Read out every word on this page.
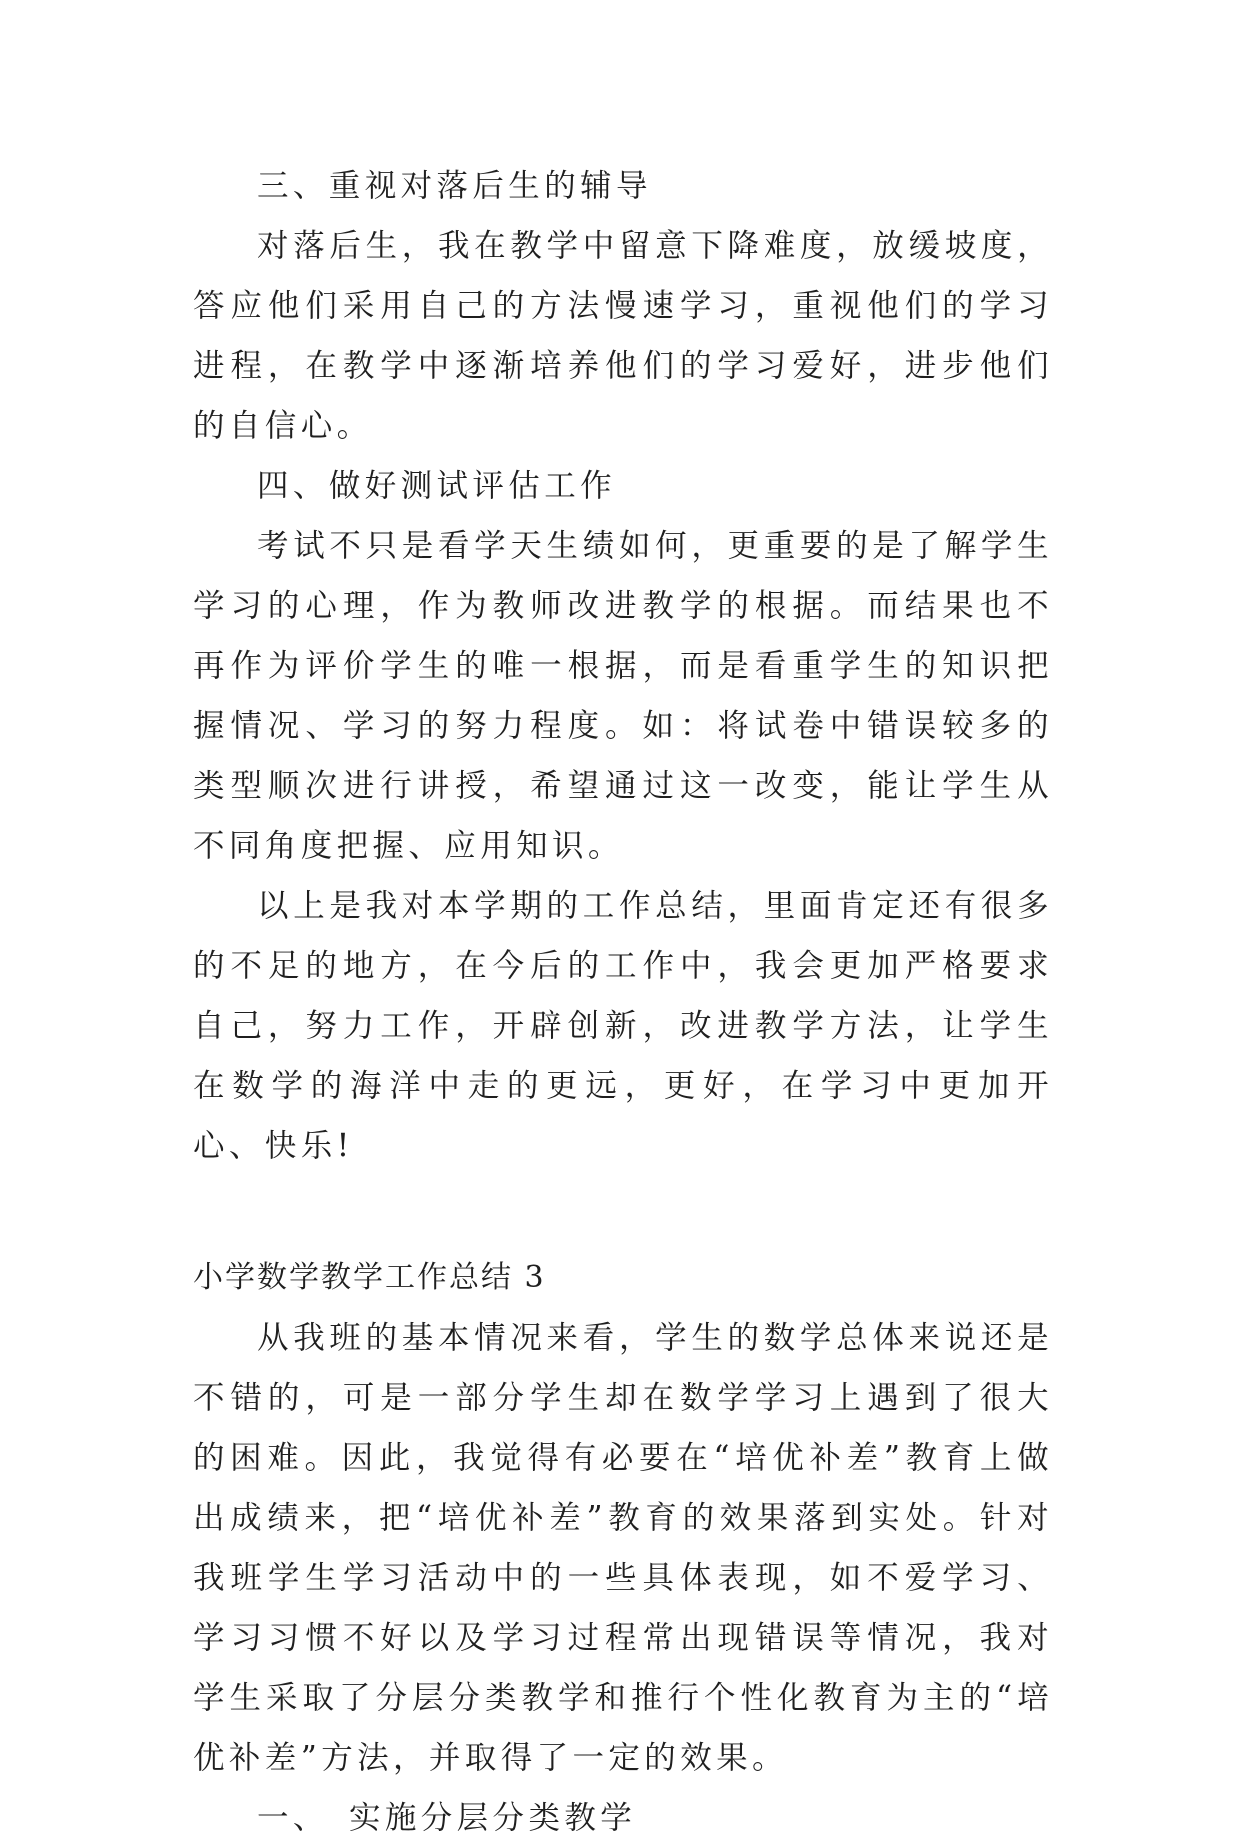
三、重视对落后生的辅导

对落后生，我在教学中留意下降难度，放缓坡度，答应他们采用自己的方法慢速学习，重视他们的学习进程，在教学中逐渐培养他们的学习爱好，进步他们的自信心。

四、做好测试评估工作

考试不只是看学天生绩如何，更重要的是了解学生学习的心理，作为教师改进教学的根据。而结果也不再作为评价学生的唯一根据，而是看重学生的知识把握情况、学习的努力程度。如：将试卷中错误较多的类型顺次进行讲授，希望通过这一改变，能让学生从不同角度把握、应用知识。

以上是我对本学期的工作总结，里面肯定还有很多的不足的地方，在今后的工作中，我会更加严格要求自己，努力工作，开辟创新，改进教学方法，让学生在数学的海洋中走的更远，更好，在学习中更加开心、快乐!

小学数学教学工作总结 3

从我班的基本情况来看，学生的数学总体来说还是不错的，可是一部分学生却在数学学习上遇到了很大的困难。因此，我觉得有必要在“培优补差”教育上做出成绩来，把“培优补差”教育的效果落到实处。针对我班学生学习活动中的一些具体表现，如不爱学习、学习习惯不好以及学习过程常出现错误等情况，我对学生采取了分层分类教学和推行个性化教育为主的“培优补差”方法，并取得了一定的效果。

一、　实施分层分类教学
